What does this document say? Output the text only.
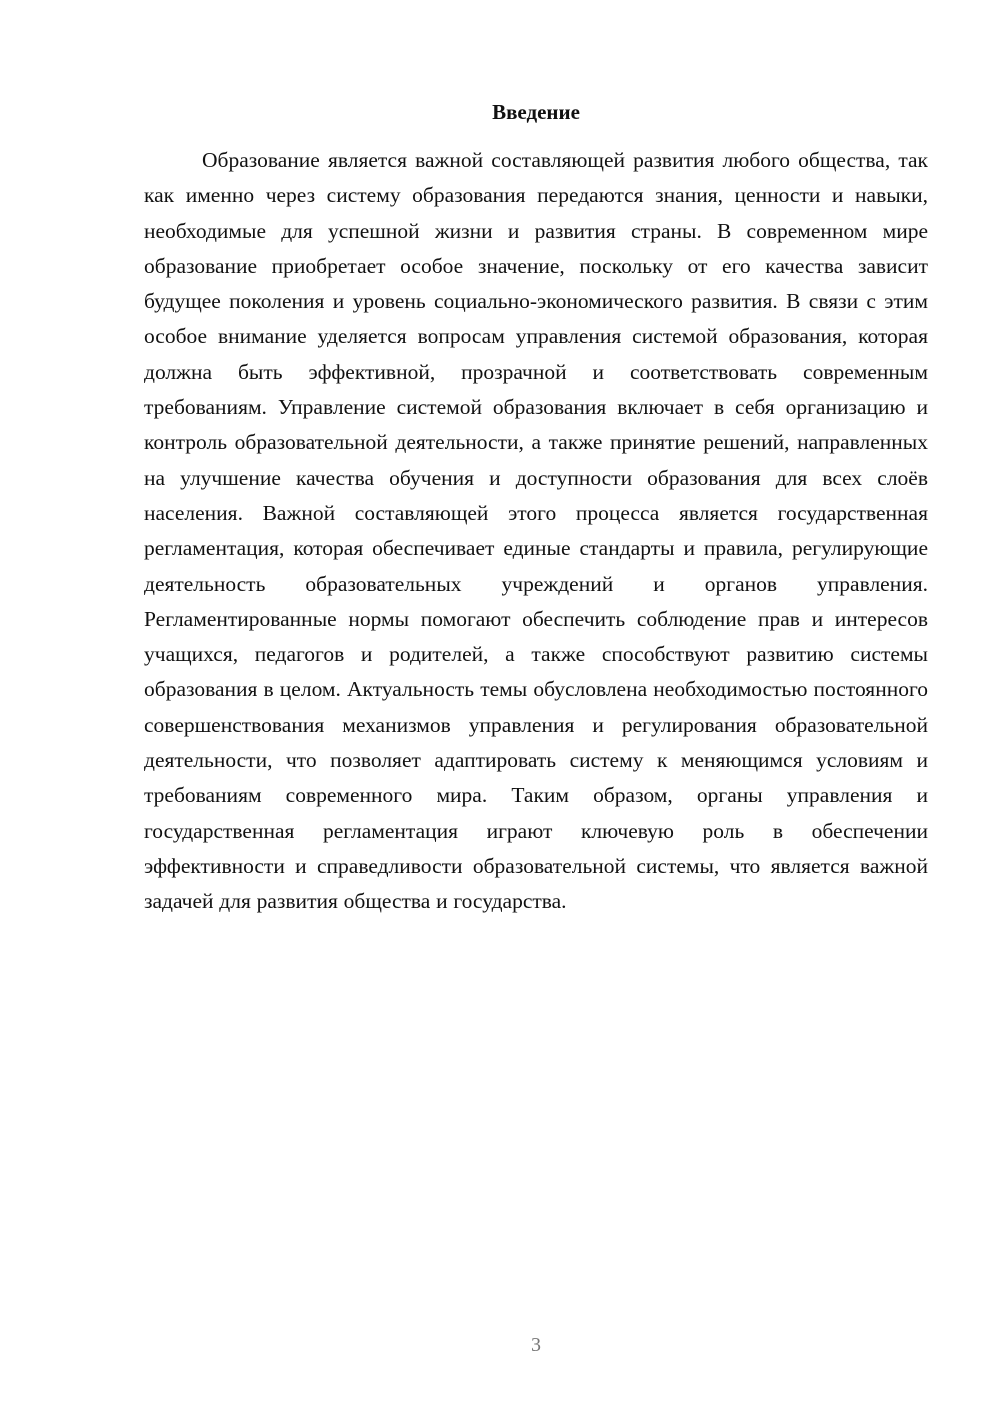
Введение

Образование является важной составляющей развития любого общества, так как именно через систему образования передаются знания, ценности и навыки, необходимые для успешной жизни и развития страны. В современном мире образование приобретает особое значение, поскольку от его качества зависит будущее поколения и уровень социально-экономического развития. В связи с этим особое внимание уделяется вопросам управления системой образования, которая должна быть эффективной, прозрачной и соответствовать современным требованиям. Управление системой образования включает в себя организацию и контроль образовательной деятельности, а также принятие решений, направленных на улучшение качества обучения и доступности образования для всех слоёв населения. Важной составляющей этого процесса является государственная регламентация, которая обеспечивает единые стандарты и правила, регулирующие деятельность образовательных учреждений и органов управления. Регламентированные нормы помогают обеспечить соблюдение прав и интересов учащихся, педагогов и родителей, а также способствуют развитию системы образования в целом. Актуальность темы обусловлена необходимостью постоянного совершенствования механизмов управления и регулирования образовательной деятельности, что позволяет адаптировать систему к меняющимся условиям и требованиям современного мира. Таким образом, органы управления и государственная регламентация играют ключевую роль в обеспечении эффективности и справедливости образовательной системы, что является важной задачей для развития общества и государства.

3
